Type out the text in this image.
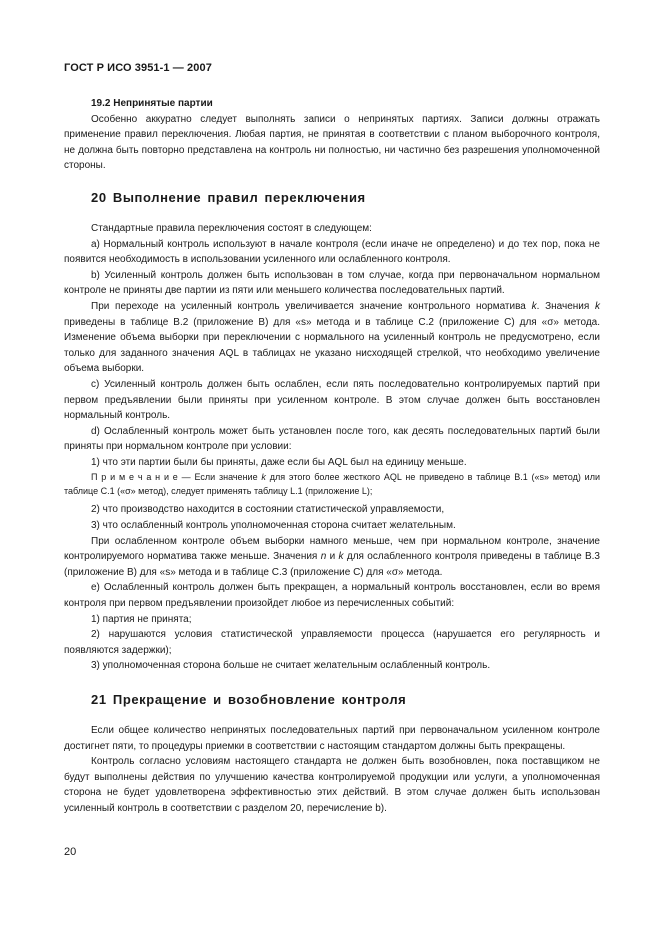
ГОСТ Р ИСО 3951-1 — 2007
19.2 Непринятые партии

Особенно аккуратно следует выполнять записи о непринятых партиях. Записи должны отражать применение правил переключения. Любая партия, не принятая в соответствии с планом выборочного контроля, не должна быть повторно представлена на контроль ни полностью, ни частично без разрешения уполномоченной стороны.

20 Выполнение правил переключения

Стандартные правила переключения состоят в следующем:

a) Нормальный контроль используют в начале контроля (если иначе не определено) и до тех пор, пока не появится необходимость в использовании усиленного или ослабленного контроля.

b) Усиленный контроль должен быть использован в том случае, когда при первоначальном нормальном контроле не приняты две партии из пяти или меньшего количества последовательных партий.

При переходе на усиленный контроль увеличивается значение контрольного норматива k. Значения k приведены в таблице B.2 (приложение B) для «s» метода и в таблице C.2 (приложение C) для «σ» метода. Изменение объема выборки при переключении с нормального на усиленный контроль не предусмотрено, если только для заданного значения AQL в таблицах не указано нисходящей стрелкой, что необходимо увеличение объема выборки.

c) Усиленный контроль должен быть ослаблен, если пять последовательно контролируемых партий при первом предъявлении были приняты при усиленном контроле. В этом случае должен быть восстановлен нормальный контроль.

d) Ослабленный контроль может быть установлен после того, как десять последовательных партий были приняты при нормальном контроле при условии:

1) что эти партии были бы приняты, даже если бы AQL был на единицу меньше.

П р и м е ч а н и е — Если значение k для этого более жесткого AQL не приведено в таблице B.1 («s» метод) или таблице C.1 («σ» метод), следует применять таблицу L.1 (приложение L);

2) что производство находится в состоянии статистической управляемости,

3) что ослабленный контроль уполномоченная сторона считает желательным.

При ослабленном контроле объем выборки намного меньше, чем при нормальном контроле, значение контролируемого норматива также меньше. Значения n и k для ослабленного контроля приведены в таблице B.3 (приложение B) для «s» метода и в таблице C.3 (приложение C) для «σ» метода.

e) Ослабленный контроль должен быть прекращен, а нормальный контроль восстановлен, если во время контроля при первом предъявлении произойдет любое из перечисленных событий:

1) партия не принята;

2) нарушаются условия статистической управляемости процесса (нарушается его регулярность и появляются задержки);

3) уполномоченная сторона больше не считает желательным ослабленный контроль.

21 Прекращение и возобновление контроля

Если общее количество непринятых последовательных партий при первоначальном усиленном контроле достигнет пяти, то процедуры приемки в соответствии с настоящим стандартом должны быть прекращены.

Контроль согласно условиям настоящего стандарта не должен быть возобновлен, пока поставщиком не будут выполнены действия по улучшению качества контролируемой продукции или услуги, а уполномоченная сторона не будет удовлетворена эффективностью этих действий. В этом случае должен быть использован усиленный контроль в соответствии с разделом 20, перечисление b).

20
